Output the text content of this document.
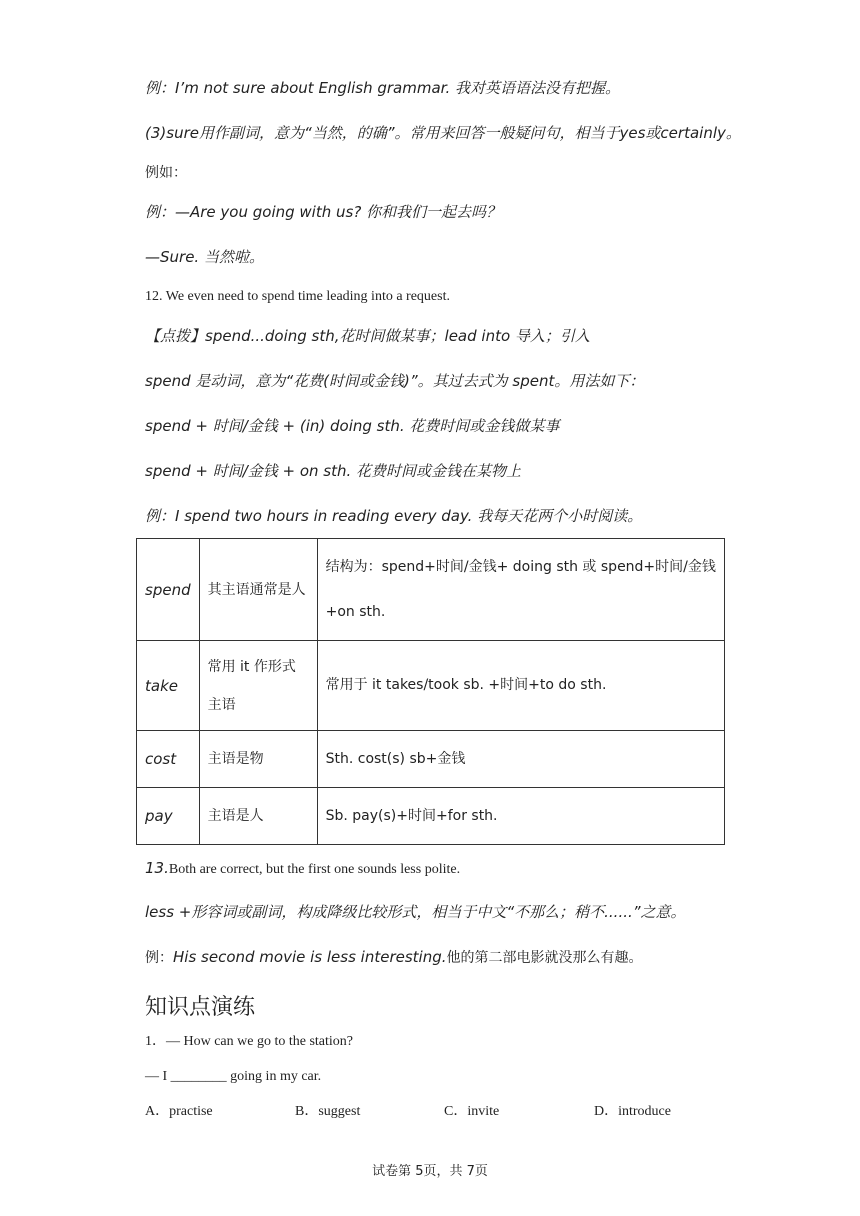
例：I’m not sure about English grammar. 我对英语语法没有把握。
(3)sure用作副词，意为“当然，的确”。常用来回答一般疑问句，相当于yes或certainly。
例如：
例：—Are you going with us? 你和我们一起去吗？
—Sure. 当然啦。
12. We even need to spend time leading into a request.
【点拨】spend...doing sth,花时间做某事；lead into 导入；引入
spend 是动词，意为“花费(时间或金钱)”。其过去式为 spent。用法如下：
spend + 时间/金钱 + (in) doing sth. 花费时间或金钱做某事
spend + 时间/金钱 + on sth. 花费时间或金钱在某物上
例：I spend two hours in reading every day. 我每天花两个小时阅读。
spend	其主语通常是人	结构为：spend+时间/金钱+ doing sth 或 spend+时间/金钱+on sth.
take	常用 it 作形式主语	常用于 it takes/took sb. +时间+to do sth.
cost	主语是物	Sth. cost(s) sb+金钱
pay	主语是人	Sb. pay(s)+时间+for sth.
13.Both are correct, but the first one sounds less polite.
less +形容词或副词，构成降级比较形式，相当于中文“不那么；稍不......”之意。
例：His second movie is less interesting.他的第二部电影就没那么有趣。
知识点演练
1．— How can we go to the station?
— I ________ going in my car.
A．practise	B．suggest	C．invite	D．introduce
试卷第 5页，共 7页
